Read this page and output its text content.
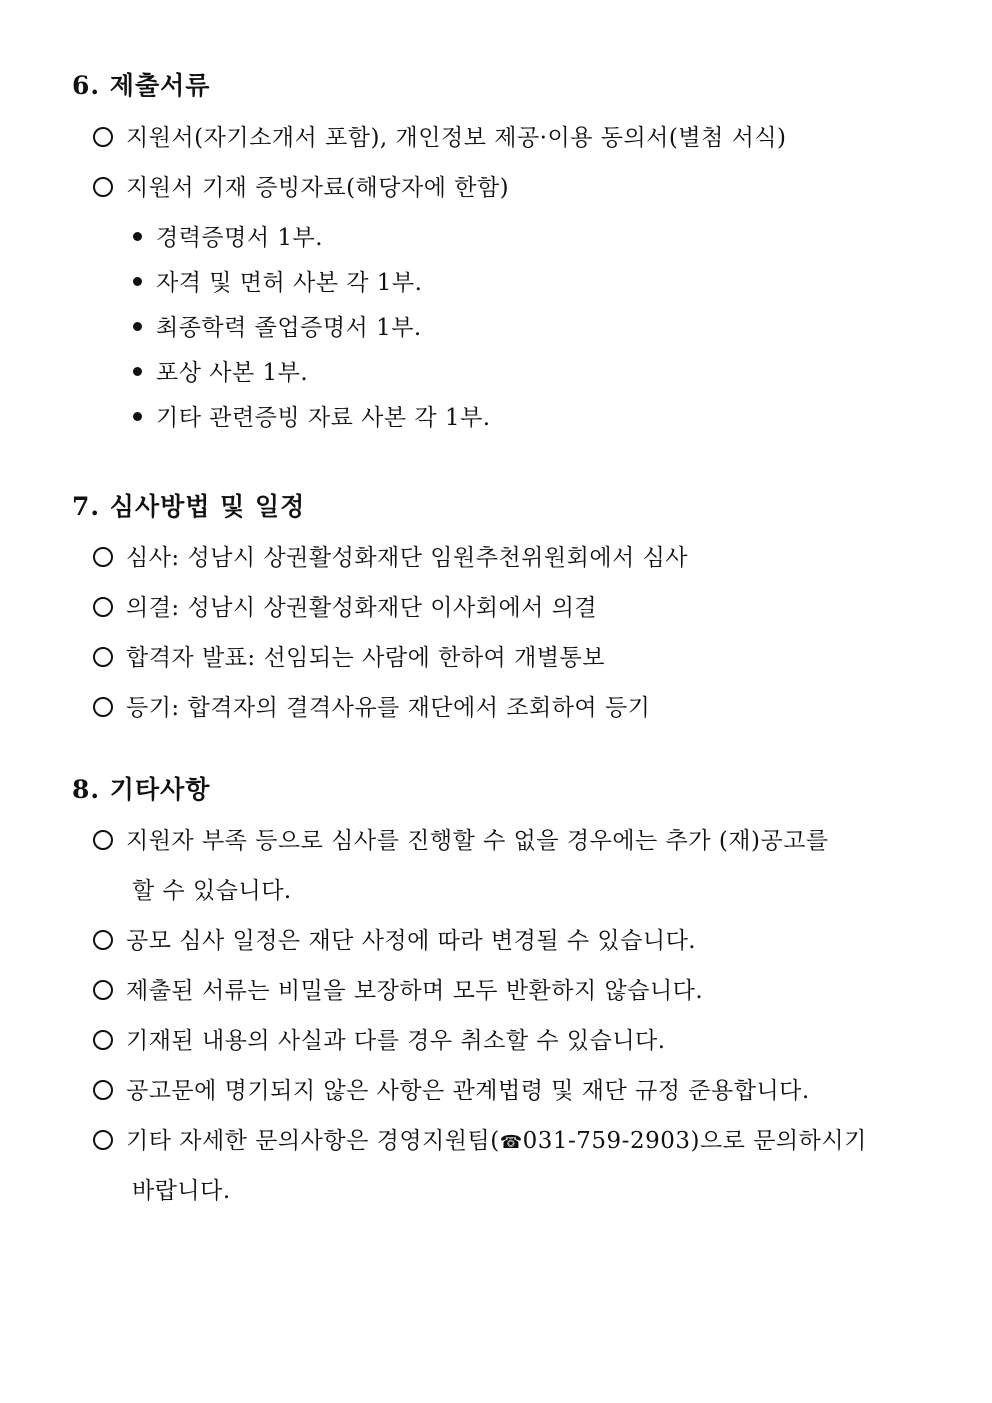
6. 제출서류
지원서(자기소개서 포함), 개인정보 제공·이용 동의서(별첨 서식)
지원서 기재 증빙자료(해당자에 한함)
경력증명서 1부.
자격 및 면허 사본 각 1부.
최종학력 졸업증명서 1부.
포상 사본 1부.
기타 관련증빙 자료 사본 각 1부.
7. 심사방법 및 일정
심사: 성남시 상권활성화재단 임원추천위원회에서 심사
의결: 성남시 상권활성화재단 이사회에서 의결
합격자 발표: 선임되는 사람에 한하여 개별통보
등기: 합격자의 결격사유를 재단에서 조회하여 등기
8. 기타사항
지원자 부족 등으로 심사를 진행할 수 없을 경우에는 추가 (재)공고를
할 수 있습니다.
공모 심사 일정은 재단 사정에 따라 변경될 수 있습니다.
제출된 서류는 비밀을 보장하며 모두 반환하지 않습니다.
기재된 내용의 사실과 다를 경우 취소할 수 있습니다.
공고문에 명기되지 않은 사항은 관계법령 및 재단 규정 준용합니다.
기타 자세한 문의사항은 경영지원팀(☎031-759-2903)으로 문의하시기
바랍니다.
